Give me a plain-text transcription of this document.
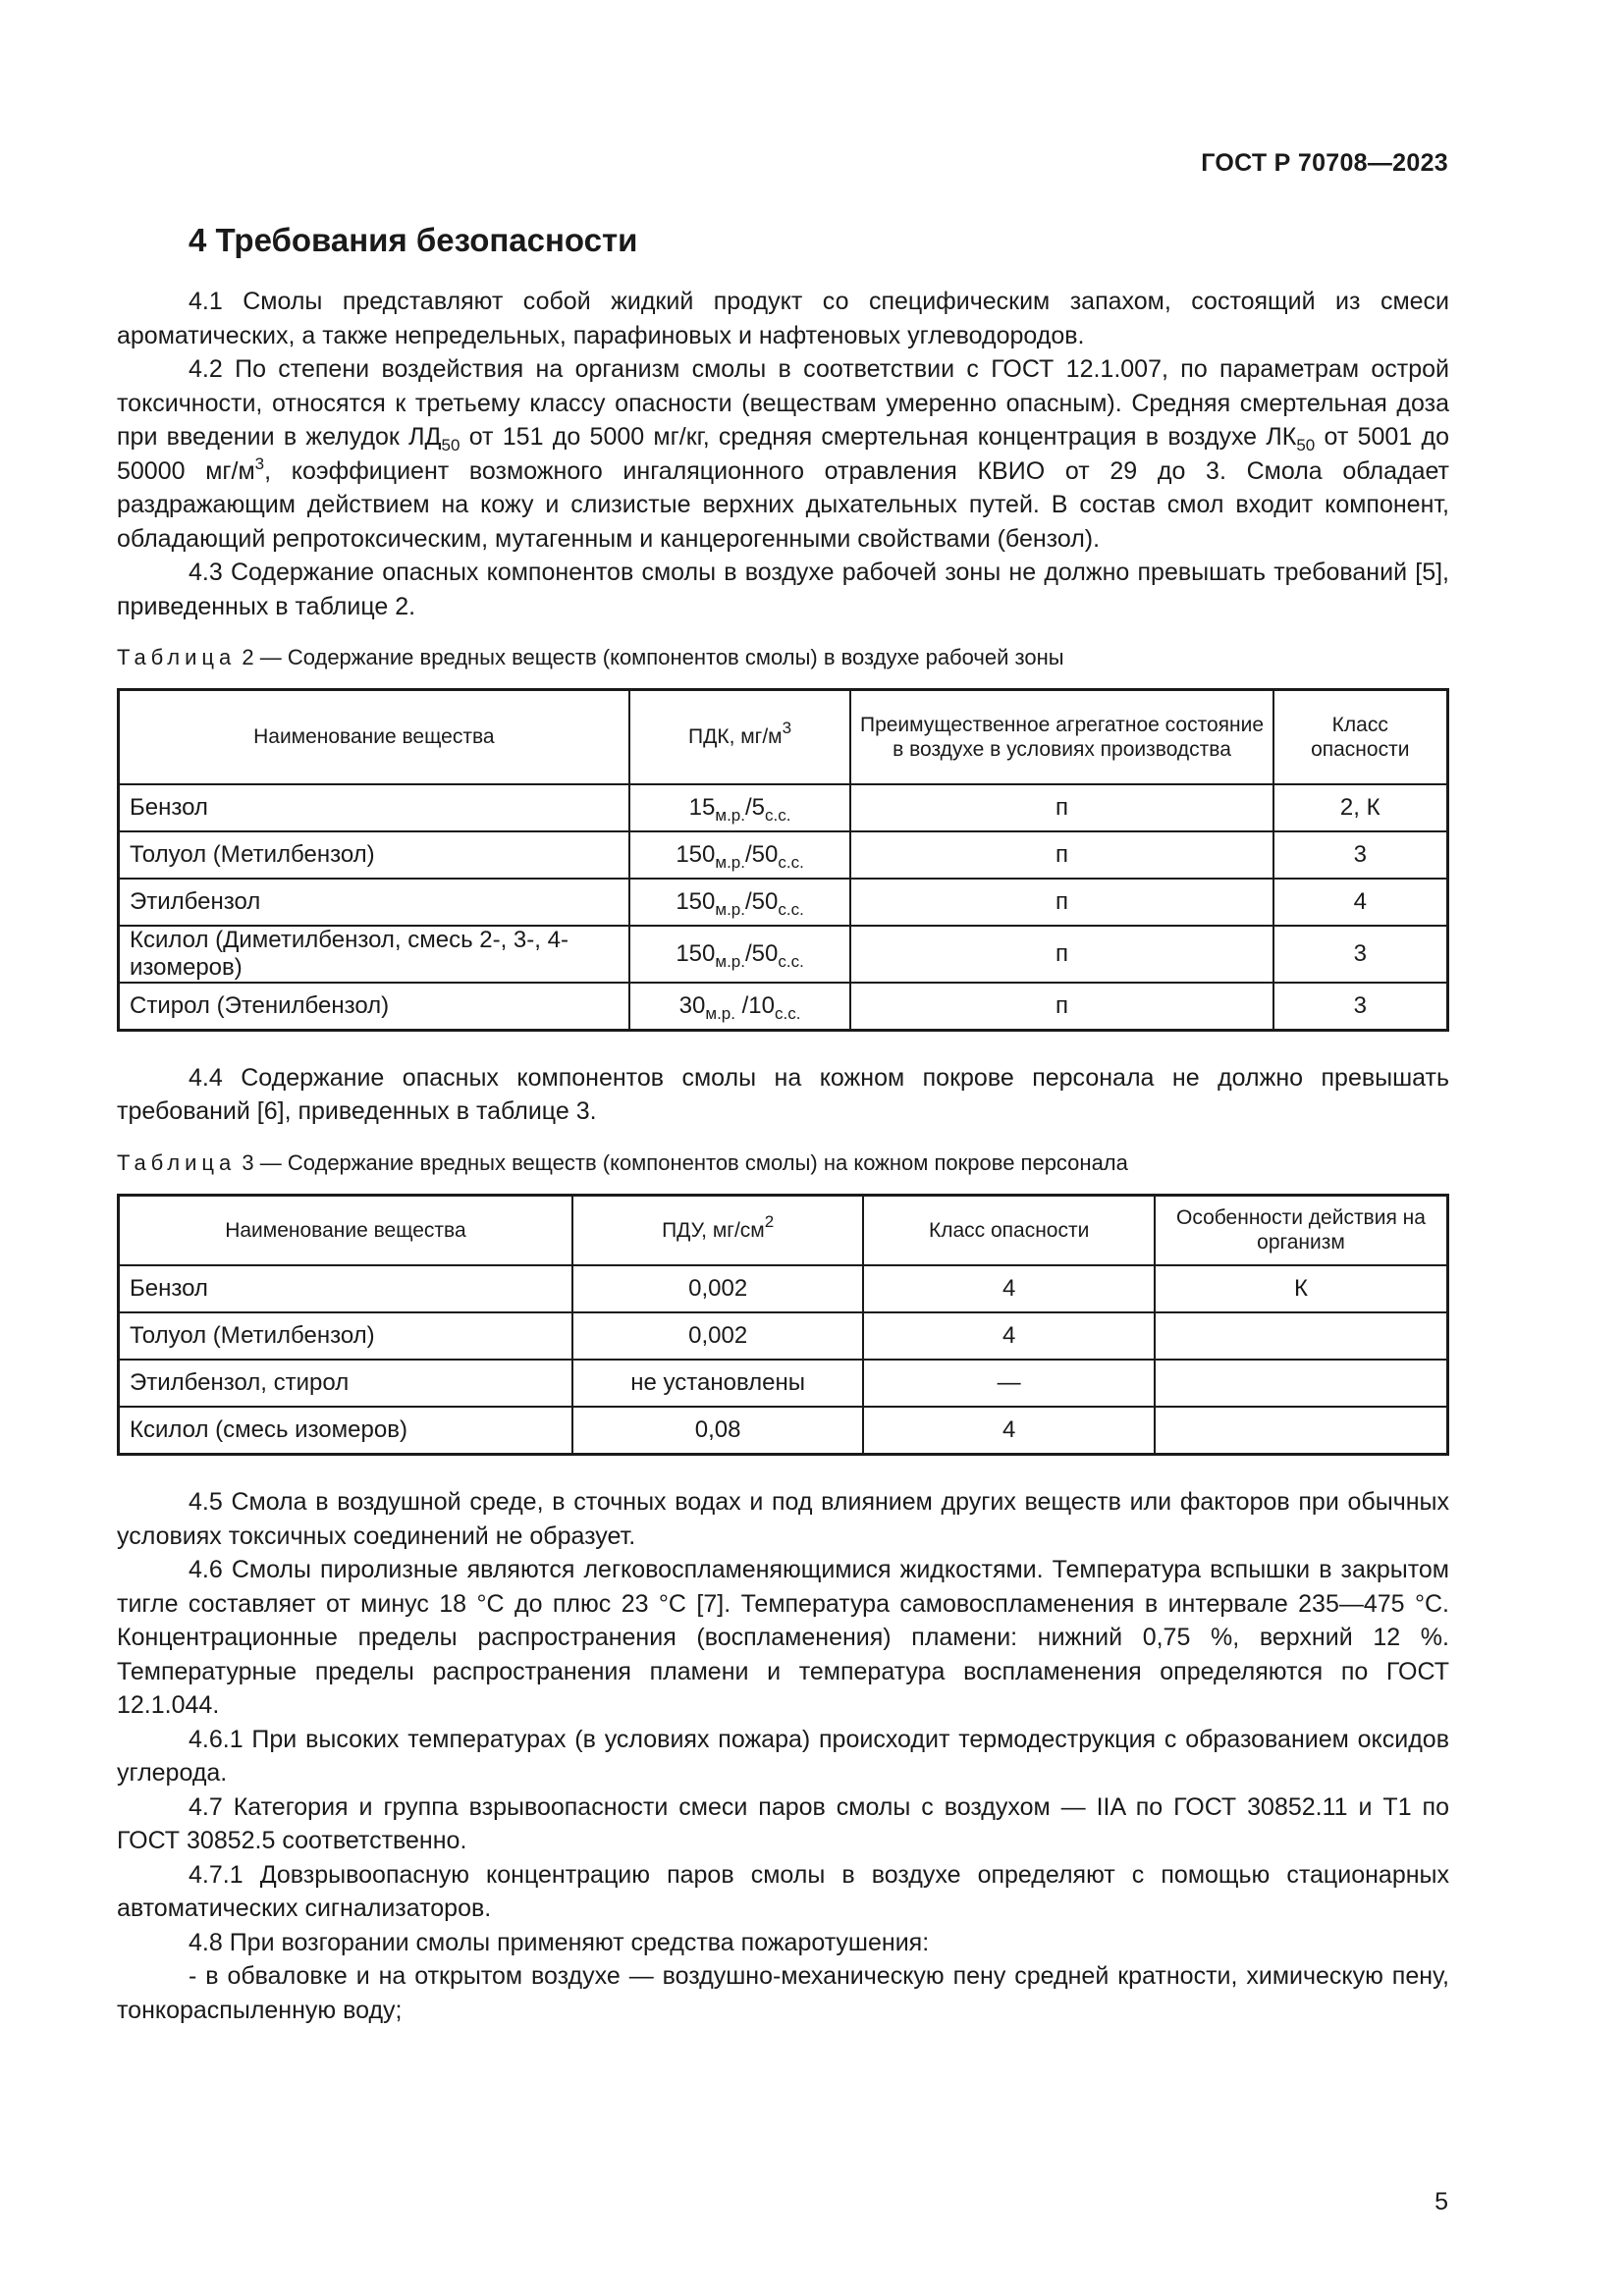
ГОСТ Р 70708—2023
4 Требования безопасности

4.1 Смолы представляют собой жидкий продукт со специфическим запахом, состоящий из смеси ароматических, а также непредельных, парафиновых и нафтеновых углеводородов.

4.2 По степени воздействия на организм смолы в соответствии с ГОСТ 12.1.007, по параметрам острой токсичности, относятся к третьему классу опасности (веществам умеренно опасным). Средняя смертельная доза при введении в желудок $ЛД_{50}$ от 151 до 5000 мг/кг, средняя смертельная концентрация в воздухе $ЛК_{50}$ от 5001 до 50000 $мг/м^3$, коэффициент возможного ингаляционного отравления КВИО от 29 до 3. Смола обладает раздражающим действием на кожу и слизистые верхних дыхательных путей. В состав смол входит компонент, обладающий репротоксическим, мутагенным и канцерогенными свойствами (бензол).

4.3 Содержание опасных компонентов смолы в воздухе рабочей зоны не должно превышать требований [5], приведенных в таблице 2.

Таблица 2 — Содержание вредных веществ (компонентов смолы) в воздухе рабочей зоны
Наименование вещества	ПДК, $мг/м^3$	Преимущественное агрегатное состояние в воздухе в условиях производства	Класс опасности
Бензол	$15_{м.р.}/5_{с.с.}$	п	2, К
Толуол (Метилбензол)	$150_{м.р.}/50_{с.с.}$	п	3
Этилбензол	$150_{м.р.}/50_{с.с.}$	п	4
Ксилол (Диметилбензол, смесь 2-, 3-, 4-изомеров)	$150_{м.р.}/50_{с.с.}$	п	3
Стирол (Этенилбензол)	$30_{м.р.}$ $/10_{с.с.}$	п	3

4.4 Содержание опасных компонентов смолы на кожном покрове персонала не должно превышать требований [6], приведенных в таблице 3.

Таблица 3 — Содержание вредных веществ (компонентов смолы) на кожном покрове персонала
Наименование вещества	ПДУ, $мг/см^2$	Класс опасности	Особенности действия на организм
Бензол	0,002	4	К
Толуол (Метилбензол)	0,002	4	
Этилбензол, стирол	не установлены	—	
Ксилол (смесь изомеров)	0,08	4	

4.5 Смола в воздушной среде, в сточных водах и под влиянием других веществ или факторов при обычных условиях токсичных соединений не образует.

4.6 Смолы пиролизные являются легковоспламеняющимися жидкостями. Температура вспышки в закрытом тигле составляет от минус 18 °С до плюс 23 °С [7]. Температура самовоспламенения в интервале 235—475 °С. Концентрационные пределы распространения (воспламенения) пламени: нижний 0,75 %, верхний 12 %. Температурные пределы распространения пламени и температура воспламенения определяются по ГОСТ 12.1.044.

4.6.1 При высоких температурах (в условиях пожара) происходит термодеструкция с образованием оксидов углерода.

4.7 Категория и группа взрывоопасности смеси паров смолы с воздухом — IIA по ГОСТ 30852.11 и Т1 по ГОСТ 30852.5 соответственно.

4.7.1 Довзрывоопасную концентрацию паров смолы в воздухе определяют с помощью стационарных автоматических сигнализаторов.

4.8 При возгорании смолы применяют средства пожаротушения:

- в обваловке и на открытом воздухе — воздушно-механическую пену средней кратности, химическую пену, тонкораспыленную воду;

5
